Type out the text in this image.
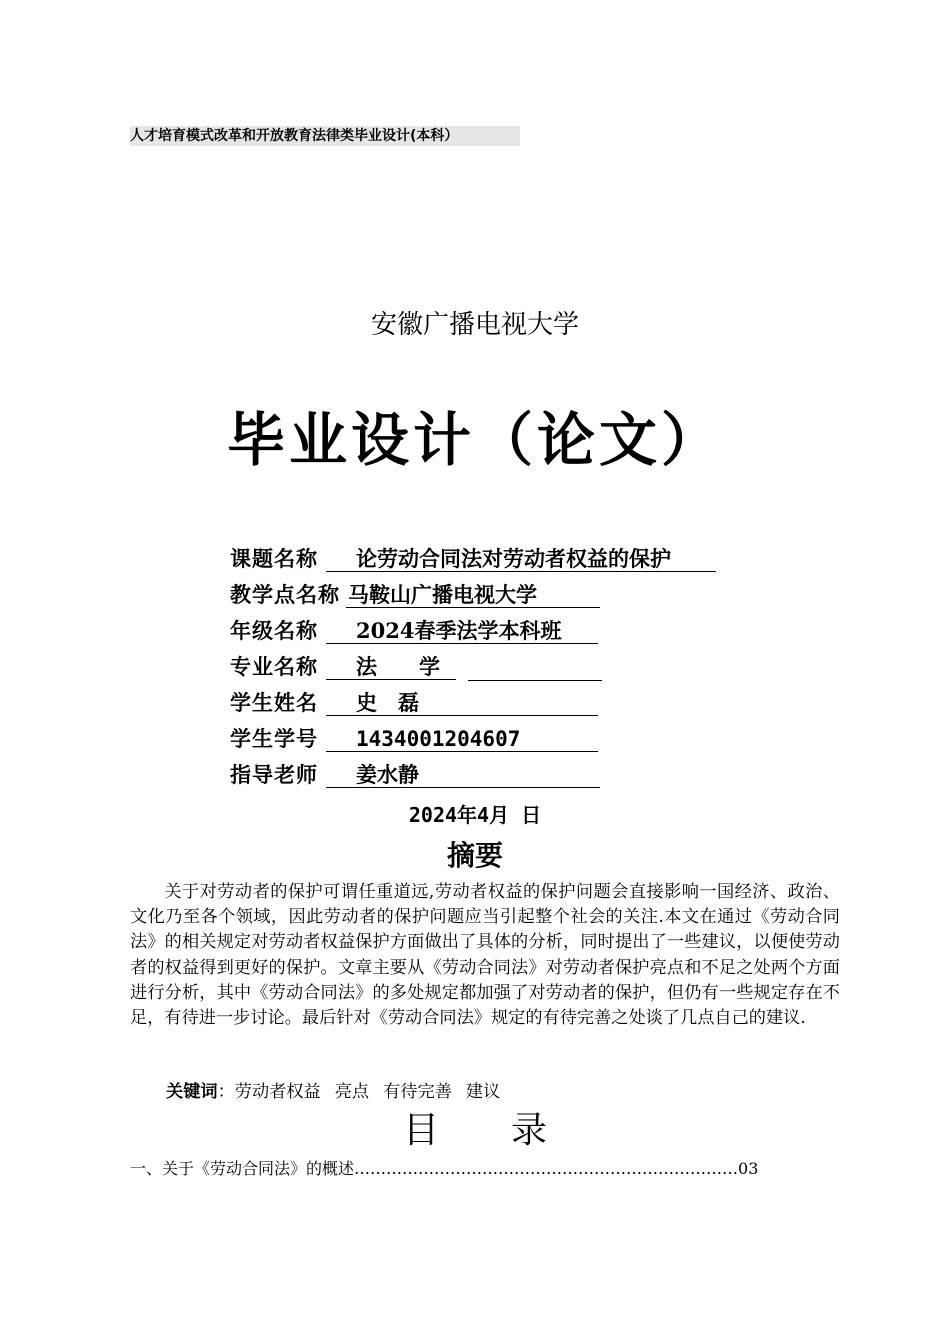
人才培育模式改革和开放教育法律类毕业设计(本科）
安徽广播电视大学
毕业设计（论文）
课题名称	论劳动合同法对劳动者权益的保护
教学点名称 马鞍山广播电视大学
年级名称	2024春季法学本科班
专业名称	法　　学
学生姓名	史　磊
学生学号	1434001204607
指导老师	姜水静
2024年4月 日
摘要
关于对劳动者的保护可谓任重道远,劳动者权益的保护问题会直接影响一国经济、政治、文化乃至各个领域，因此劳动者的保护问题应当引起整个社会的关注.本文在通过《劳动合同法》的相关规定对劳动者权益保护方面做出了具体的分析，同时提出了一些建议，以便使劳动者的权益得到更好的保护。文章主要从《劳动合同法》对劳动者保护亮点和不足之处两个方面进行分析，其中《劳动合同法》的多处规定都加强了对劳动者的保护，但仍有一些规定存在不足，有待进一步讨论。最后针对《劳动合同法》规定的有待完善之处谈了几点自己的建议.
关键词：劳动者权益 亮点 有待完善 建议
目　　录
一、关于《劳动合同法》的概述………………………………………………………………03
